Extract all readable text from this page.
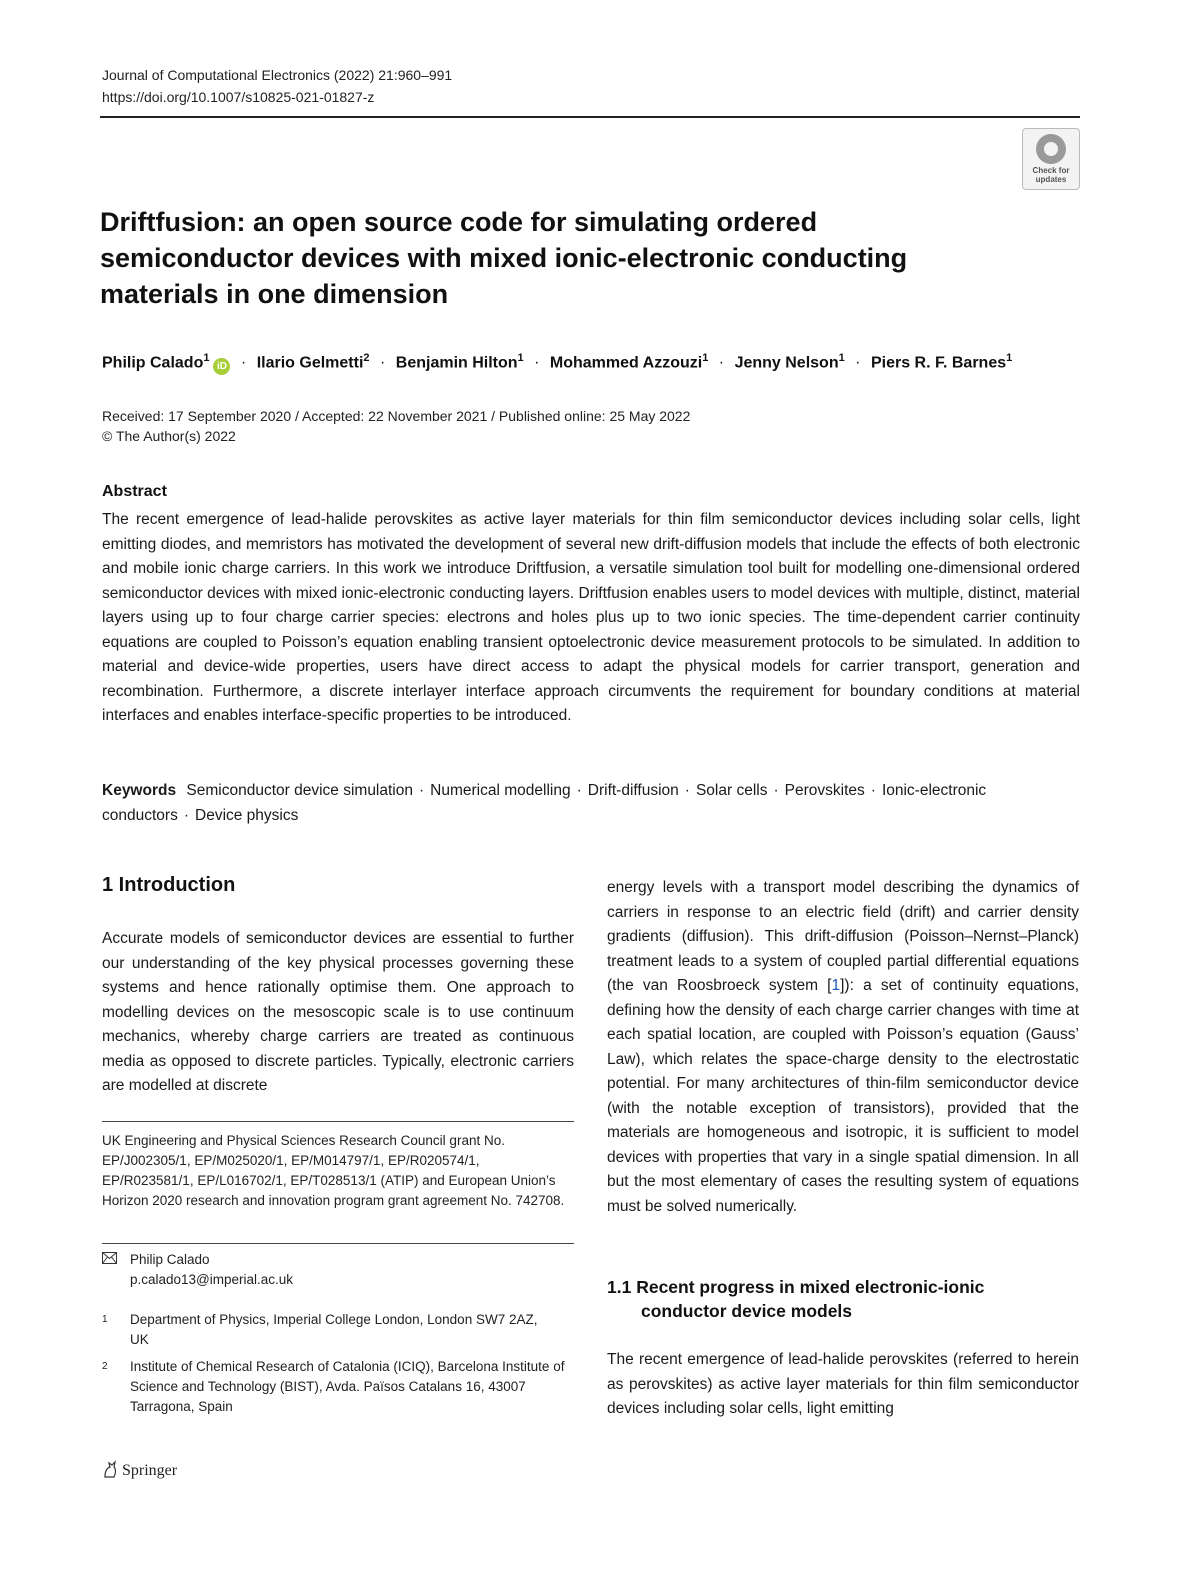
Journal of Computational Electronics (2022) 21:960–991
https://doi.org/10.1007/s10825-021-01827-z
Check for
updates
Driftfusion: an open source code for simulating ordered semiconductor devices with mixed ionic-electronic conducting materials in one dimension
Philip Calado$^1$iD · Ilario Gelmetti$^2$ · Benjamin Hilton$^1$ · Mohammed Azzouzi$^1$ · Jenny Nelson$^1$ · Piers R. F. Barnes$^1$
Received: 17 September 2020 / Accepted: 22 November 2021 / Published online: 25 May 2022
© The Author(s) 2022
Abstract
The recent emergence of lead-halide perovskites as active layer materials for thin film semiconductor devices including solar cells, light emitting diodes, and memristors has motivated the development of several new drift-diffusion models that include the effects of both electronic and mobile ionic charge carriers. In this work we introduce Driftfusion, a versatile simulation tool built for modelling one-dimensional ordered semiconductor devices with mixed ionic-electronic conducting layers. Driftfusion enables users to model devices with multiple, distinct, material layers using up to four charge carrier species: electrons and holes plus up to two ionic species. The time-dependent carrier continuity equations are coupled to Poisson’s equation enabling transient optoelectronic device measurement protocols to be simulated. In addition to material and device-wide properties, users have direct access to adapt the physical models for carrier transport, generation and recombination. Furthermore, a discrete interlayer interface approach circumvents the requirement for boundary conditions at material interfaces and enables interface-specific properties to be introduced.
Keywords Semiconductor device simulation · Numerical modelling · Drift-diffusion · Solar cells · Perovskites · Ionic-electronic conductors · Device physics
1 Introduction
Accurate models of semiconductor devices are essential to further our understanding of the key physical processes governing these systems and hence rationally optimise them. One approach to modelling devices on the mesoscopic scale is to use continuum mechanics, whereby charge carriers are treated as continuous media as opposed to discrete particles. Typically, electronic carriers are modelled at discrete
UK Engineering and Physical Sciences Research Council grant No. EP/J002305/1, EP/M025020/1, EP/M014797/1, EP/R020574/1, EP/R023581/1, EP/L016702/1, EP/T028513/1 (ATIP) and European Union’s Horizon 2020 research and innovation program grant agreement No. 742708.
Philip Calado
p.calado13@imperial.ac.uk
1 Department of Physics, Imperial College London, London SW7 2AZ, UK
2 Institute of Chemical Research of Catalonia (ICIQ), Barcelona Institute of Science and Technology (BIST), Avda. Països Catalans 16, 43007 Tarragona, Spain
energy levels with a transport model describing the dynamics of carriers in response to an electric field (drift) and carrier density gradients (diffusion). This drift-diffusion (Poisson–Nernst–Planck) treatment leads to a system of coupled partial differential equations (the van Roosbroeck system [1]): a set of continuity equations, defining how the density of each charge carrier changes with time at each spatial location, are coupled with Poisson’s equation (Gauss’ Law), which relates the space-charge density to the electrostatic potential. For many architectures of thin-film semiconductor device (with the notable exception of transistors), provided that the materials are homogeneous and isotropic, it is sufficient to model devices with properties that vary in a single spatial dimension. In all but the most elementary of cases the resulting system of equations must be solved numerically.
1.1 Recent progress in mixed electronic-ionic
conductor device models
The recent emergence of lead-halide perovskites (referred to herein as perovskites) as active layer materials for thin film semiconductor devices including solar cells, light emitting
Springer
